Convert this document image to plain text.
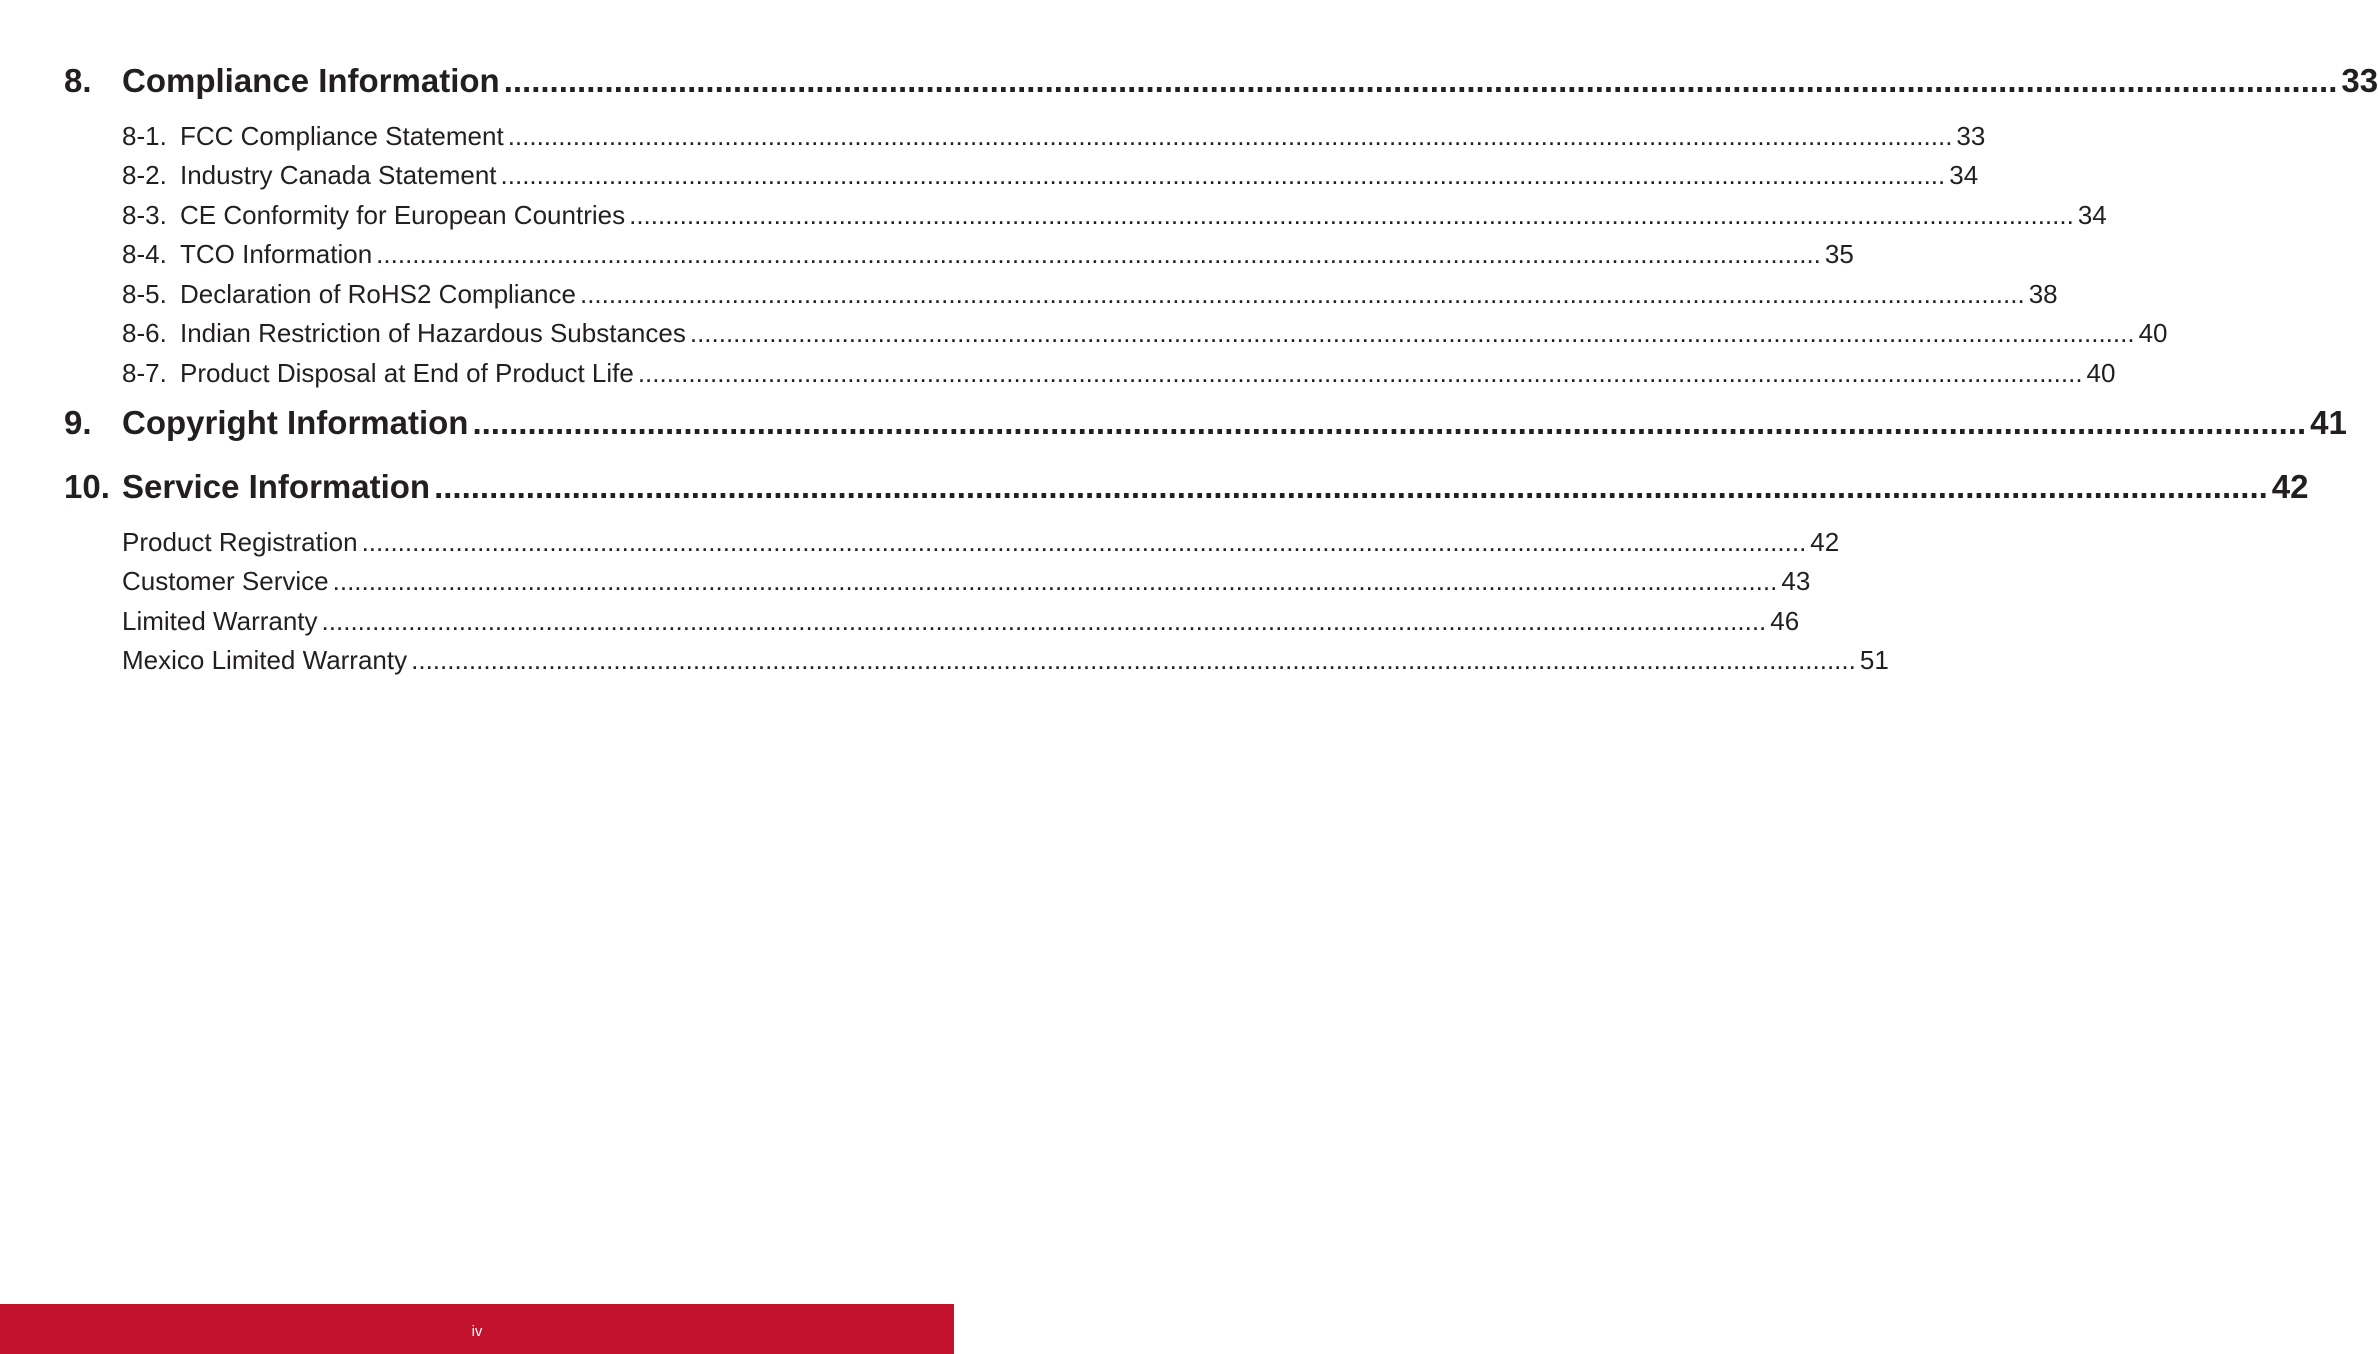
8. Compliance Information ........................................................................................................................................................................................................ 33
8-1. FCC Compliance Statement ........................................................................................................................................................................................................ 33
8-2. Industry Canada Statement ........................................................................................................................................................................................................ 34
8-3. CE Conformity for European Countries ........................................................................................................................................................................................................ 34
8-4. TCO Information ........................................................................................................................................................................................................ 35
8-5. Declaration of RoHS2 Compliance ........................................................................................................................................................................................................ 38
8-6. Indian Restriction of Hazardous Substances ........................................................................................................................................................................................................ 40
8-7. Product Disposal at End of Product Life ........................................................................................................................................................................................................ 40
9. Copyright Information ........................................................................................................................................................................................................ 41
10. Service Information ........................................................................................................................................................................................................ 42
Product Registration ........................................................................................................................................................................................................ 42
Customer Service ........................................................................................................................................................................................................ 43
Limited Warranty ........................................................................................................................................................................................................ 46
Mexico Limited Warranty ........................................................................................................................................................................................................ 51
iv
